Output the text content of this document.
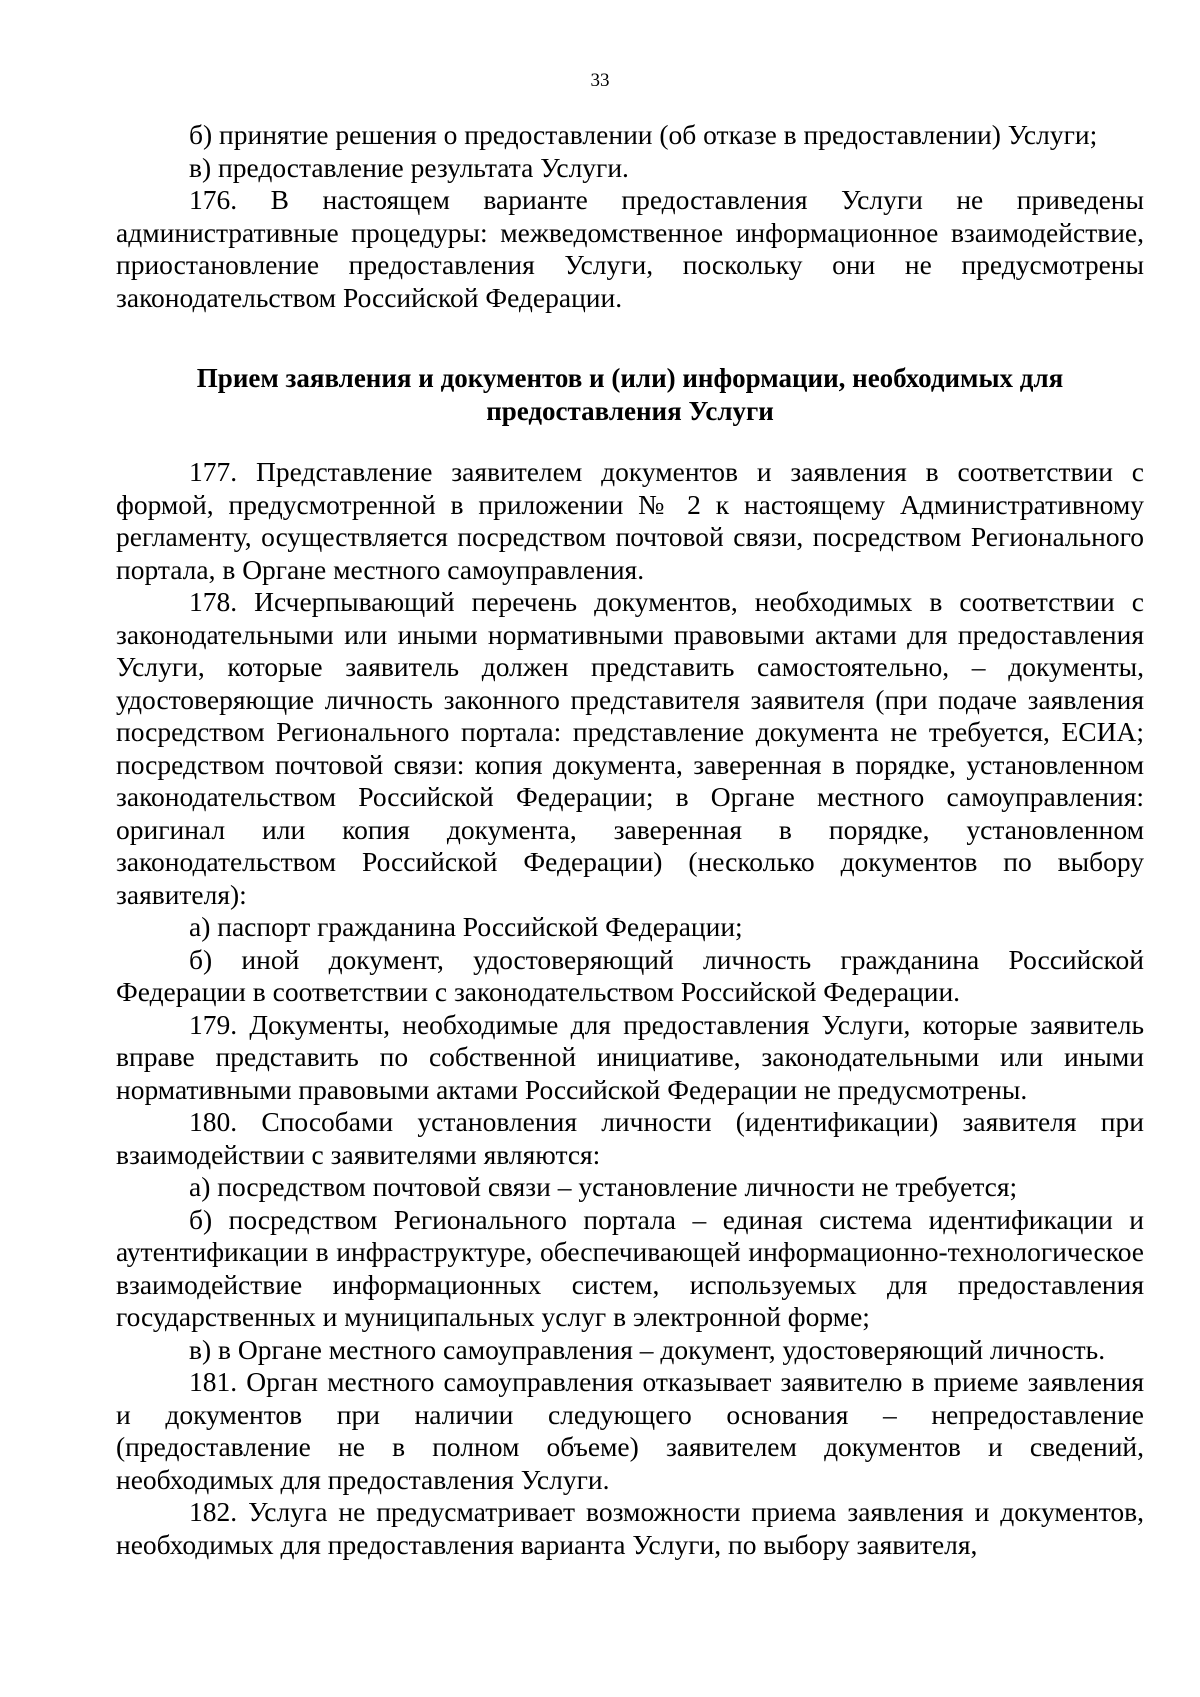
33

б) принятие решения о предоставлении (об отказе в предоставлении) Услуги;

в) предоставление результата Услуги.

176. В настоящем варианте предоставления Услуги не приведены административные процедуры: межведомственное информационное взаимодействие, приостановление предоставления Услуги, поскольку они не предусмотрены законодательством Российской Федерации.

Прием заявления и документов и (или) информации, необходимых для
предоставления Услуги

177. Представление заявителем документов и заявления в соответствии с формой, предусмотренной в приложении № 2 к настоящему Административному регламенту, осуществляется посредством почтовой связи, посредством Регионального портала, в Органе местного самоуправления.

178. Исчерпывающий перечень документов, необходимых в соответствии с законодательными или иными нормативными правовыми актами для предоставления Услуги, которые заявитель должен представить самостоятельно, – документы, удостоверяющие личность законного представителя заявителя (при подаче заявления посредством Регионального портала: представление документа не требуется, ЕСИА; посредством почтовой связи: копия документа, заверенная в порядке, установленном законодательством Российской Федерации; в Органе местного самоуправления: оригинал или копия документа, заверенная в порядке, установленном законодательством Российской Федерации) (несколько документов по выбору заявителя):

а) паспорт гражданина Российской Федерации;

б) иной документ, удостоверяющий личность гражданина Российской Федерации в соответствии с законодательством Российской Федерации.

179. Документы, необходимые для предоставления Услуги, которые заявитель вправе представить по собственной инициативе, законодательными или иными нормативными правовыми актами Российской Федерации не предусмотрены.

180. Способами установления личности (идентификации) заявителя при взаимодействии с заявителями являются:

а) посредством почтовой связи – установление личности не требуется;

б) посредством Регионального портала – единая система идентификации и аутентификации в инфраструктуре, обеспечивающей информационно-технологическое взаимодействие информационных систем, используемых для предоставления государственных и муниципальных услуг в электронной форме;

в) в Органе местного самоуправления – документ, удостоверяющий личность.

181. Орган местного самоуправления отказывает заявителю в приеме заявления и документов при наличии следующего основания – непредоставление (предоставление не в полном объеме) заявителем документов и сведений, необходимых для предоставления Услуги.

182. Услуга не предусматривает возможности приема заявления и документов, необходимых для предоставления варианта Услуги, по выбору заявителя,
